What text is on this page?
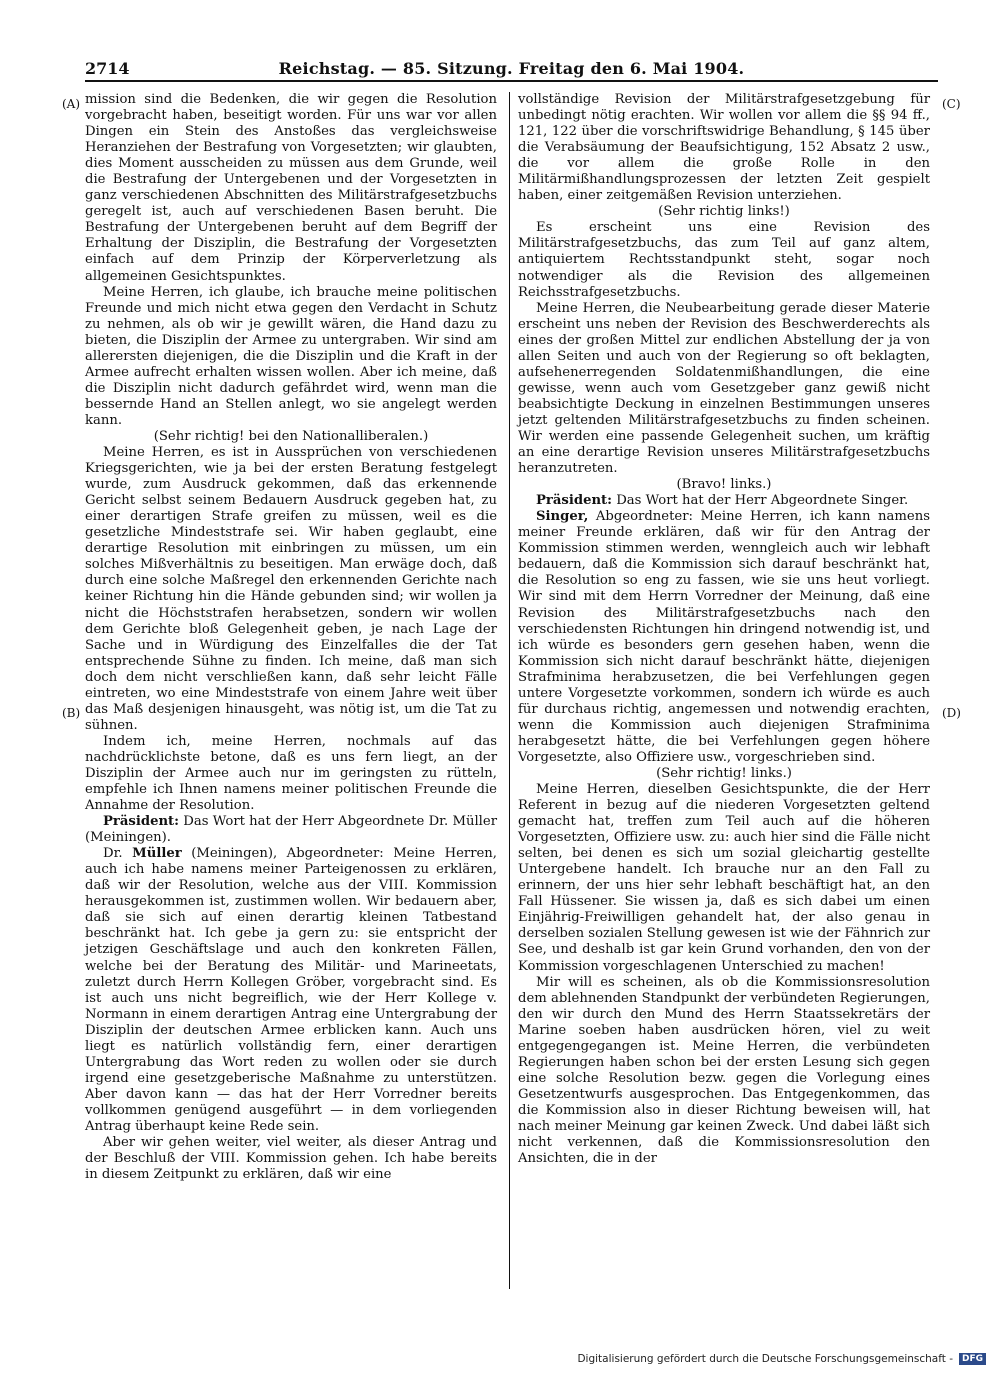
2714	Reichstag. — 85. Sitzung. Freitag den 6. Mai 1904.
(A)
(B)
(C)
(D)

mission sind die Bedenken, die wir gegen die Resolution vorgebracht haben, beseitigt worden. Für uns war vor allen Dingen ein Stein des Anstoßes das vergleichsweise Heranziehen der Bestrafung von Vorgesetzten; wir glaubten, dies Moment ausscheiden zu müssen aus dem Grunde, weil die Bestrafung der Untergebenen und der Vorgesetzten in ganz verschiedenen Abschnitten des Militärstrafgesetzbuchs geregelt ist, auch auf verschiedenen Basen beruht. Die Bestrafung der Untergebenen beruht auf dem Begriff der Erhaltung der Disziplin, die Bestrafung der Vorgesetzten einfach auf dem Prinzip der Körperverletzung als allgemeinen Gesichtspunktes.

Meine Herren, ich glaube, ich brauche meine politischen Freunde und mich nicht etwa gegen den Verdacht in Schutz zu nehmen, als ob wir je gewillt wären, die Hand dazu zu bieten, die Disziplin der Armee zu untergraben. Wir sind am allerersten diejenigen, die die Disziplin und die Kraft in der Armee aufrecht erhalten wissen wollen. Aber ich meine, daß die Disziplin nicht dadurch gefährdet wird, wenn man die bessernde Hand an Stellen anlegt, wo sie angelegt werden kann.

(Sehr richtig! bei den Nationalliberalen.)

Meine Herren, es ist in Aussprüchen von verschiedenen Kriegsgerichten, wie ja bei der ersten Beratung festgelegt wurde, zum Ausdruck gekommen, daß das erkennende Gericht selbst seinem Bedauern Ausdruck gegeben hat, zu einer derartigen Strafe greifen zu müssen, weil es die gesetzliche Mindeststrafe sei. Wir haben geglaubt, eine derartige Resolution mit einbringen zu müssen, um ein solches Mißverhältnis zu beseitigen. Man erwäge doch, daß durch eine solche Maßregel den erkennenden Gerichte nach keiner Richtung hin die Hände gebunden sind; wir wollen ja nicht die Höchststrafen herabsetzen, sondern wir wollen dem Gerichte bloß Gelegenheit geben, je nach Lage der Sache und in Würdigung des Einzelfalles die der Tat entsprechende Sühne zu finden. Ich meine, daß man sich doch dem nicht verschließen kann, daß sehr leicht Fälle eintreten, wo eine Mindeststrafe von einem Jahre weit über das Maß desjenigen hinausgeht, was nötig ist, um die Tat zu sühnen.

Indem ich, meine Herren, nochmals auf das nachdrücklichste betone, daß es uns fern liegt, an der Disziplin der Armee auch nur im geringsten zu rütteln, empfehle ich Ihnen namens meiner politischen Freunde die Annahme der Resolution.

Präsident: Das Wort hat der Herr Abgeordnete Dr. Müller (Meiningen).

Dr. Müller (Meiningen), Abgeordneter: Meine Herren, auch ich habe namens meiner Parteigenossen zu erklären, daß wir der Resolution, welche aus der VIII. Kommission herausgekommen ist, zustimmen wollen. Wir bedauern aber, daß sie sich auf einen derartig kleinen Tatbestand beschränkt hat. Ich gebe ja gern zu: sie entspricht der jetzigen Geschäftslage und auch den konkreten Fällen, welche bei der Beratung des Militär- und Marineetats, zuletzt durch Herrn Kollegen Gröber, vorgebracht sind. Es ist auch uns nicht begreiflich, wie der Herr Kollege v. Normann in einem derartigen Antrag eine Untergrabung der Disziplin der deutschen Armee erblicken kann. Auch uns liegt es natürlich vollständig fern, einer derartigen Untergrabung das Wort reden zu wollen oder sie durch irgend eine gesetzgeberische Maßnahme zu unterstützen. Aber davon kann — das hat der Herr Vorredner bereits vollkommen genügend ausgeführt — in dem vorliegenden Antrag überhaupt keine Rede sein.

Aber wir gehen weiter, viel weiter, als dieser Antrag und der Beschluß der VIII. Kommission gehen. Ich habe bereits in diesem Zeitpunkt zu erklären, daß wir eine

vollständige Revision der Militärstrafgesetzgebung für unbedingt nötig erachten. Wir wollen vor allem die §§ 94 ff., 121, 122 über die vorschriftswidrige Behandlung, § 145 über die Verabsäumung der Beaufsichtigung, 152 Absatz 2 usw., die vor allem die große Rolle in den Militärmißhandlungsprozessen der letzten Zeit gespielt haben, einer zeitgemäßen Revision unterziehen.

(Sehr richtig links!)

Es erscheint uns eine Revision des Militärstrafgesetzbuchs, das zum Teil auf ganz altem, antiquiertem Rechtsstandpunkt steht, sogar noch notwendiger als die Revision des allgemeinen Reichsstrafgesetzbuchs.

Meine Herren, die Neubearbeitung gerade dieser Materie erscheint uns neben der Revision des Beschwerderechts als eines der großen Mittel zur endlichen Abstellung der ja von allen Seiten und auch von der Regierung so oft beklagten, aufsehenerregenden Soldatenmißhandlungen, die eine gewisse, wenn auch vom Gesetzgeber ganz gewiß nicht beabsichtigte Deckung in einzelnen Bestimmungen unseres jetzt geltenden Militärstrafgesetzbuchs zu finden scheinen. Wir werden eine passende Gelegenheit suchen, um kräftig an eine derartige Revision unseres Militärstrafgesetzbuchs heranzutreten.

(Bravo! links.)

Präsident: Das Wort hat der Herr Abgeordnete Singer.

Singer, Abgeordneter: Meine Herren, ich kann namens meiner Freunde erklären, daß wir für den Antrag der Kommission stimmen werden, wenngleich auch wir lebhaft bedauern, daß die Kommission sich darauf beschränkt hat, die Resolution so eng zu fassen, wie sie uns heut vorliegt. Wir sind mit dem Herrn Vorredner der Meinung, daß eine Revision des Militärstrafgesetzbuchs nach den verschiedensten Richtungen hin dringend notwendig ist, und ich würde es besonders gern gesehen haben, wenn die Kommission sich nicht darauf beschränkt hätte, diejenigen Strafminima herabzusetzen, die bei Verfehlungen gegen untere Vorgesetzte vorkommen, sondern ich würde es auch für durchaus richtig, angemessen und notwendig erachten, wenn die Kommission auch diejenigen Strafminima herabgesetzt hätte, die bei Verfehlungen gegen höhere Vorgesetzte, also Offiziere usw., vorgeschrieben sind.

(Sehr richtig! links.)

Meine Herren, dieselben Gesichtspunkte, die der Herr Referent in bezug auf die niederen Vorgesetzten geltend gemacht hat, treffen zum Teil auch auf die höheren Vorgesetzten, Offiziere usw. zu: auch hier sind die Fälle nicht selten, bei denen es sich um sozial gleichartig gestellte Untergebene handelt. Ich brauche nur an den Fall zu erinnern, der uns hier sehr lebhaft beschäftigt hat, an den Fall Hüssener. Sie wissen ja, daß es sich dabei um einen Einjährig-Freiwilligen gehandelt hat, der also genau in derselben sozialen Stellung gewesen ist wie der Fähnrich zur See, und deshalb ist gar kein Grund vorhanden, den von der Kommission vorgeschlagenen Unterschied zu machen!

Mir will es scheinen, als ob die Kommissionsresolution dem ablehnenden Standpunkt der verbündeten Regierungen, den wir durch den Mund des Herrn Staatssekretärs der Marine soeben haben ausdrücken hören, viel zu weit entgegengegangen ist. Meine Herren, die verbündeten Regierungen haben schon bei der ersten Lesung sich gegen eine solche Resolution bezw. gegen die Vorlegung eines Gesetzentwurfs ausgesprochen. Das Entgegenkommen, das die Kommission also in dieser Richtung beweisen will, hat nach meiner Meinung gar keinen Zweck. Und dabei läßt sich nicht verkennen, daß die Kommissionsresolution den Ansichten, die in der

Digitalisierung gefördert durch die Deutsche Forschungsgemeinschaft -	DFG
